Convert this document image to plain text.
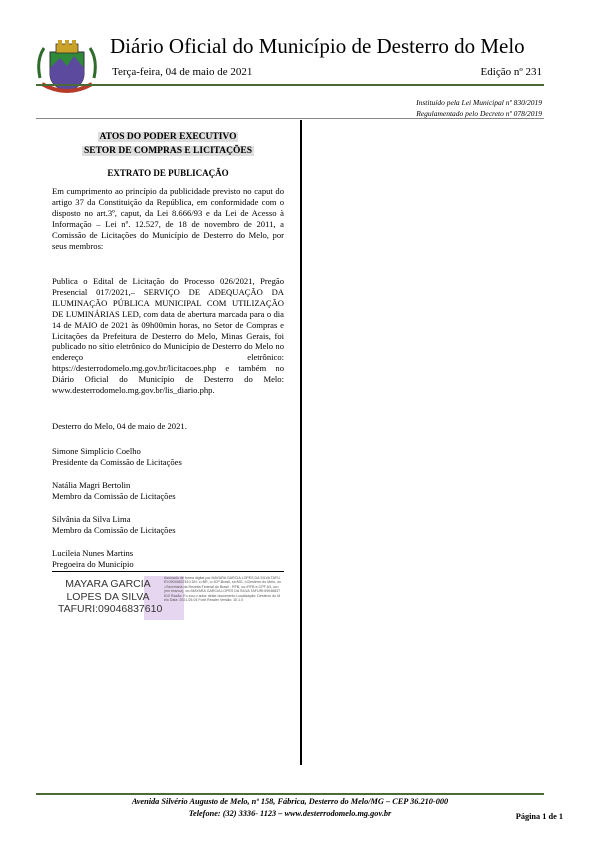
Diário Oficial do Município de Desterro do Melo
Terça-feira, 04 de maio de 2021	Edição nº 231
Instituído pela Lei Municipal nº 830/2019
Regulamentado pelo Decreto nº 078/2019
ATOS DO PODER EXECUTIVO
SETOR DE COMPRAS E LICITAÇÕES
EXTRATO DE PUBLICAÇÃO
Em cumprimento ao princípio da publicidade previsto no caput do artigo 37 da Constituição da República, em conformidade com o disposto no art.3º, caput, da Lei 8.666/93 e da Lei de Acesso à Informação – Lei nº. 12.527, de 18 de novembro de 2011, a Comissão de Licitações do Município de Desterro do Melo, por seus membros:
Publica o Edital de Licitação do Processo 026/2021, Pregão Presencial 017/2021,– SERVIÇO DE ADEQUAÇÃO DA ILUMINAÇÃO PÚBLICA MUNICIPAL COM UTILIZAÇÃO DE LUMINÁRIAS LED, com data de abertura marcada para o dia 14 de MAIO de 2021 às 09h00min horas, no Setor de Compras e Licitações da Prefeitura de Desterro do Melo, Minas Gerais, foi publicado no sítio eletrônico do Município de Desterro do Melo no endereço eletrônico: https://desterrodomelo.mg.gov.br/licitacoes.php e também no Diário Oficial do Município de Desterro do Melo: www.desterrodomelo.mg.gov.br/lis_diario.php.
Desterro do Melo, 04 de maio de 2021.
Simone Simplício Coelho
Presidente da Comissão de Licitações
Natália Magri Bertolin
Membro da Comissão de Licitações
Silvânia da Silva Lima
Membro da Comissão de Licitações
Lucileia Nunes Martins
Pregoeira do Município
MAYARA GARCIA
LOPES DA SILVA
TAFURI:09046837610
Assinado de forma digital por MAYARA GARCIA LOPES DA SILVA TAFURI:09046837610 DN: c=BR, o=ICP-Brasil, st=MG, l=Desterro do Melo, ou=Secretaria da Receita Federal do Brasil - RFB, ou=RFB e-CPF A3, ou=(em branco), cn=MAYARA GARCIA LOPES DA SILVA TAFURI:09046837610 Razão: Eu sou o autor deste documento Localização: Desterro do Melo Data: 2021.05.04 Foxit Reader Versão: 10.1.0
Avenida Silvério Augusto de Melo, nº 158, Fábrica, Desterro do Melo/MG – CEP 36.210-000
Telefone: (32) 3336- 1123 – www.desterrodomelo.mg.gov.br	Página 1 de 1
